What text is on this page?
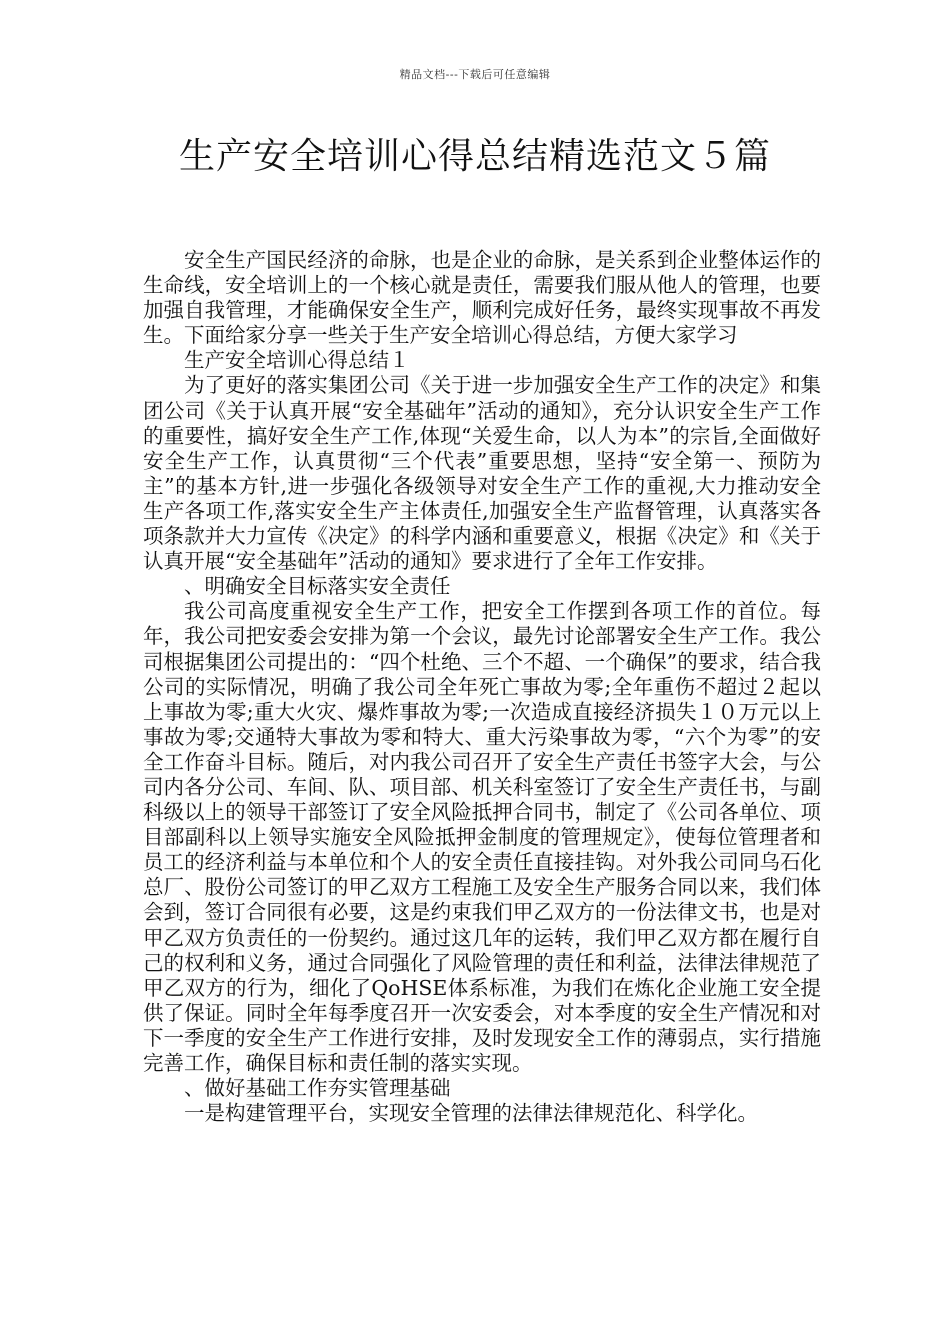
精品文档---下载后可任意编辑
生产安全培训心得总结精选范文５篇

安全生产国民经济的命脉，也是企业的命脉，是关系到企业整体运作的生命线，安全培训上的一个核心就是责任，需要我们服从他人的管理，也要加强自我管理，才能确保安全生产，顺利完成好任务，最终实现事故不再发生。下面给家分享一些关于生产安全培训心得总结，方便大家学习

生产安全培训心得总结１

为了更好的落实集团公司《关于进一步加强安全生产工作的决定》和集团公司《关于认真开展“安全基础年”活动的通知》，充分认识安全生产工作的重要性，搞好安全生产工作,体现“关爱生命，以人为本”的宗旨,全面做好安全生产工作，认真贯彻“三个代表”重要思想，坚持“安全第一、预防为主”的基本方针,进一步强化各级领导对安全生产工作的重视,大力推动安全生产各项工作,落实安全生产主体责任,加强安全生产监督管理，认真落实各项条款并大力宣传《决定》的科学内涵和重要意义，根据《决定》和《关于认真开展“安全基础年”活动的通知》要求进行了全年工作安排。

、明确安全目标落实安全责任

我公司高度重视安全生产工作，把安全工作摆到各项工作的首位。每年，我公司把安委会安排为第一个会议，最先讨论部署安全生产工作。我公司根据集团公司提出的：“四个杜绝、三个不超、一个确保”的要求，结合我公司的实际情况，明确了我公司全年死亡事故为零;全年重伤不超过２起以上事故为零;重大火灾、爆炸事故为零;一次造成直接经济损失１０万元以上事故为零;交通特大事故为零和特大、重大污染事故为零，“六个为零”的安全工作奋斗目标。随后，对内我公司召开了安全生产责任书签字大会，与公司内各分公司、车间、队、项目部、机关科室签订了安全生产责任书，与副科级以上的领导干部签订了安全风险抵押合同书，制定了《公司各单位、项目部副科以上领导实施安全风险抵押金制度的管理规定》，使每位管理者和员工的经济利益与本单位和个人的安全责任直接挂钩。对外我公司同乌石化总厂、股份公司签订的甲乙双方工程施工及安全生产服务合同以来，我们体会到，签订合同很有必要，这是约束我们甲乙双方的一份法律文书，也是对甲乙双方负责任的一份契约。通过这几年的运转，我们甲乙双方都在履行自己的权利和义务，通过合同强化了风险管理的责任和利益，法律法律规范了甲乙双方的行为，细化了QoHSE体系标准，为我们在炼化企业施工安全提供了保证。同时全年每季度召开一次安委会，对本季度的安全生产情况和对下一季度的安全生产工作进行安排，及时发现安全工作的薄弱点，实行措施完善工作，确保目标和责任制的落实实现。

、做好基础工作夯实管理基础

一是构建管理平台，实现安全管理的法律法律规范化、科学化。
